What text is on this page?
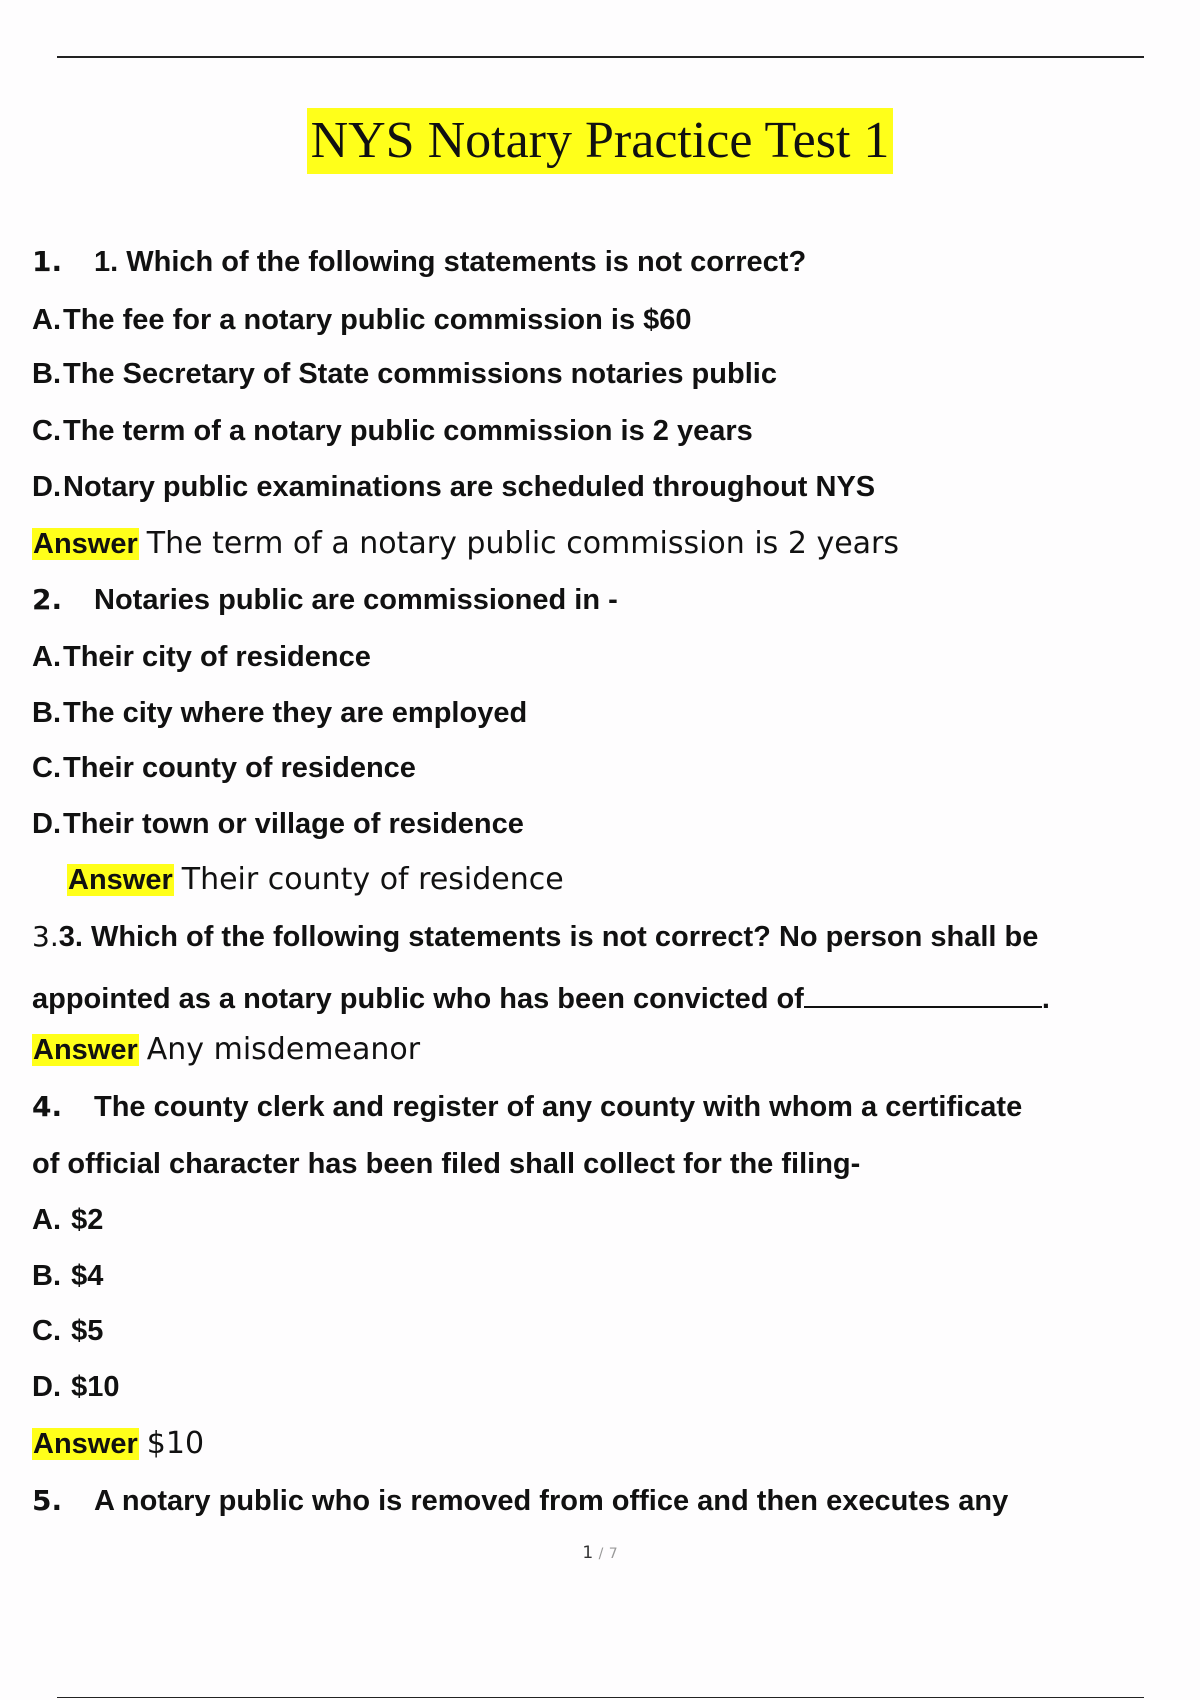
NYS Notary Practice Test 1
1. 1. Which of the following statements is not correct?
A.The fee for a notary public commission is $60
B.The Secretary of State commissions notaries public
C.The term of a notary public commission is 2 years
D.Notary public examinations are scheduled throughout NYS
Answer The term of a notary public commission is 2 years
2. Notaries public are commissioned in -
A.Their city of residence
B.The city where they are employed
C.Their county of residence
D.Their town or village of residence
Answer Their county of residence
3.3. Which of the following statements is not correct? No person shall be
appointed as a notary public who has been convicted of	.
Answer Any misdemeanor
4. The county clerk and register of any county with whom a certificate
of official character has been filed shall collect for the filing-
A. $2
B. $4
C. $5
D. $10
Answer $10
5. A notary public who is removed from office and then executes any
1 / 7
